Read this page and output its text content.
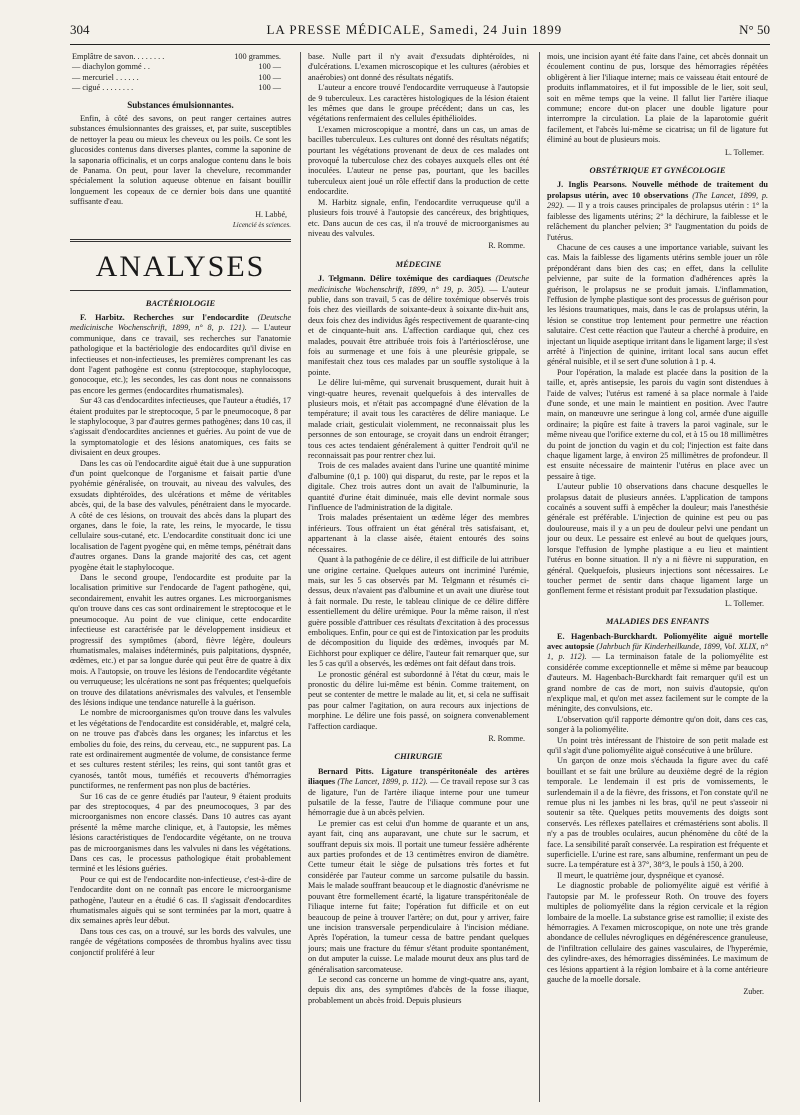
304	LA PRESSE MÉDICALE, Samedi, 24 Juin 1899	N° 50
Emplâtre de savon. . . . . . . .	100 grammes.
— diachylon gommé . .	100 —
— mercuriel . . . . . .	100 —
— cigué . . . . . . . .	100 —
Substances émulsionnantes.

Enfin, à côté des savons, on peut ranger certaines autres substances émulsionnantes des graisses, et, par suite, susceptibles de nettoyer la peau ou mieux les cheveux ou les poils. Ce sont les glucosides contenus dans diverses plantes, comme la saponine de la saponaria officinalis, et un corps analogue contenu dans le bois de Panama. On peut, pour laver la chevelure, recommander spécialement la solution aqueuse obtenue en faisant bouillir longuement les copeaux de ce dernier bois dans une quantité suffisante d'eau.

H. Labbé,
Licencié ès sciences.
ANALYSES
BACTÉRIOLOGIE

F. Harbitz. Recherches sur l'endocardite (Deutsche medicinische Wochenschrift, 1899, n° 8, p. 121). — L'auteur communique, dans ce travail, ses recherches sur l'anatomie pathologique et la bactériologie des endocardites qu'il divise en infectieuses et non-infectieuses, les premières comprenant les cas dont l'agent pathogène est connu (streptocoque, staphylocoque, gonocoque, etc.); les secondes, les cas dont nous ne connaissons pas encore les germes (endocardites rhumatismales).

Sur 43 cas d'endocardites infectieuses, que l'auteur a étudiés, 17 étaient produites par le streptocoque, 5 par le pneumocoque, 8 par le staphylocoque, 3 par d'autres germes pathogènes; dans 10 cas, il s'agissait d'endocardites anciennes et guéries. Au point de vue de la symptomatologie et des lésions anatomiques, ces faits se divisaient en deux groupes.

Dans les cas où l'endocardite aiguë était due à une suppuration d'un point quelconque de l'organisme et faisait partie d'une pyohémie généralisée, on trouvait, au niveau des valvules, des exsudats diphtéroïdes, des ulcérations et même de véritables abcès, qui, de la base des valvules, pénétraient dans le myocarde. A côté de ces lésions, on trouvait des abcès dans la plupart des organes, dans le foie, la rate, les reins, le myocarde, le tissu cellulaire sous-cutané, etc. L'endocardite constituait donc ici une localisation de l'agent pyogène qui, en même temps, pénétrait dans d'autres organes. Dans la grande majorité des cas, cet agent pyogène était le staphylocoque.

Dans le second groupe, l'endocardite est produite par la localisation primitive sur l'endocarde de l'agent pathogène, qui, secondairement, envahit les autres organes. Les microorganismes qu'on trouve dans ces cas sont ordinairement le streptocoque et le pneumocoque. Au point de vue clinique, cette endocardite infectieuse est caractérisée par le développement insidieux et progressif des symptômes (abord, fièvre légère, douleurs rhumatismales, malaises indéterminés, puis palpitations, dyspnée, œdèmes, etc.) et par sa longue durée qui peut être de quatre à dix mois. A l'autopsie, on trouve les lésions de l'endocardite végétante ou verruqueuse; les ulcérations ne sont pas fréquentes; quelquefois on trouve des dilatations anévrismales des valvules, et l'ensemble des lésions indique une tendance naturelle à la guérison.

Le nombre de microorganismes qu'on trouve dans les valvules et les végétations de l'endocardite est considérable, et, malgré cela, on ne trouve pas d'abcès dans les organes; les infarctus et les embolies du foie, des reins, du cerveau, etc., ne suppurent pas. La rate est ordinairement augmentée de volume, de consistance ferme et ses cultures restent stériles; les reins, qui sont tantôt gras et cyanosés, tantôt mous, tuméfiés et recouverts d'hémorragies punctiformes, ne renferment pas non plus de bactéries.

Sur 16 cas de ce genre étudiés par l'auteur, 9 étaient produits par des streptocoques, 4 par des pneumocoques, 3 par des microorganismes non encore classés. Dans 10 autres cas ayant présenté la même marche clinique, et, à l'autopsie, les mêmes lésions caractéristiques de l'endocardite végétante, on ne trouva pas de microorganismes dans les valvules ni dans les végétations. Dans ces cas, le processus pathologique était probablement terminé et les lésions guéries.

Pour ce qui est de l'endocardite non-infectieuse, c'est-à-dire de l'endocardite dont on ne connaît pas encore le microorganisme pathogène, l'auteur en a étudié 6 cas. Il s'agissait d'endocardites rhumatismales aiguës qui se sont terminées par la mort, quatre à dix semaines après leur début.

Dans tous ces cas, on a trouvé, sur les bords des valvules, une rangée de végétations composées de thrombus hyalins avec tissu conjonctif proliféré à leur

base. Nulle part il n'y avait d'exsudats diphtéroïdes, ni d'ulcérations. L'examen microscopique et les cultures (aérobies et anaérobies) ont donné des résultats négatifs.

L'auteur a encore trouvé l'endocardite verruqueuse à l'autopsie de 9 tuberculeux. Les caractères histologiques de la lésion étaient les mêmes que dans le groupe précédent; dans un cas, les végétations renfermaient des cellules épithélioïdes.

L'examen microscopique a montré, dans un cas, un amas de bacilles tuberculeux. Les cultures ont donné des résultats négatifs; pourtant les végétations provenant de deux de ces malades ont provoqué la tuberculose chez des cobayes auxquels elles ont été inoculées. L'auteur ne pense pas, pourtant, que les bacilles tuberculeux aient joué un rôle effectif dans la production de cette endocardite.

M. Harbitz signale, enfin, l'endocardite verruqueuse qu'il a plusieurs fois trouvé à l'autopsie des cancéreux, des brightiques, etc. Dans aucun de ces cas, il n'a trouvé de microorganismes au niveau des valvules.

R. Romme.
MÉDECINE

J. Telgmann. Délire toxémique des cardiaques (Deutsche medicinische Wochenschrift, 1899, n° 19, p. 305). — L'auteur publie, dans son travail, 5 cas de délire toxémique observés trois fois chez des vieillards de soixante-deux à soixante dix-huit ans, deux fois chez des individus âgés respectivement de quarante-cinq et de cinquante-huit ans. L'affection cardiaque qui, chez ces malades, pouvait être attribuée trois fois à l'artériosclérose, une fois au surmenage et une fois à une pleurésie grippale, se manifestait chez tous ces malades par un souffle systolique à la pointe.

Le délire lui-même, qui survenait brusquement, durait huit à vingt-quatre heures, revenait quelquefois à des intervalles de plusieurs mois, et n'était pas accompagné d'une élévation de la température; il avait tous les caractères de délire maniaque. Le malade criait, gesticulait violemment, ne reconnaissait plus les personnes de son entourage, se croyait dans un endroit étranger; tous ces actes tendaient généralement à quitter l'endroit qu'il ne reconnaissait pas pour rentrer chez lui.

Trois de ces malades avaient dans l'urine une quantité minime d'albumine (0,1 p. 100) qui disparut, du reste, par le repos et la digitale. Chez trois autres dont un avait de l'albuminurie, la quantité d'urine était diminuée, mais elle devint normale sous l'influence de l'administration de la digitale.

Trois malades présentaient un œdème léger des membres inférieurs. Tous offraient un état général très satisfaisant, et, appartenant à la classe aisée, étaient entourés des soins nécessaires.

Quant à la pathogénie de ce délire, il est difficile de lui attribuer une origine certaine. Quelques auteurs ont incriminé l'urémie, mais, sur les 5 cas observés par M. Telgmann et résumés ci-dessus, deux n'avaient pas d'albumine et un avait une diurèse tout à fait normale. Du reste, le tableau clinique de ce délire diffère essentiellement du délire urémique. Pour la même raison, il n'est guère possible d'attribuer ces résultats d'excitation à des processus emboliques. Enfin, pour ce qui est de l'intoxication par les produits de décomposition du liquide des œdèmes, invoqués par M. Eichhorst pour expliquer ce délire, l'auteur fait remarquer que, sur les 5 cas qu'il a observés, les œdèmes ont fait défaut dans trois.

Le pronostic général est subordonné à l'état du cœur, mais le pronostic du délire lui-même est bénin. Comme traitement, on peut se contenter de mettre le malade au lit, et, si cela ne suffisait pas pour calmer l'agitation, on aura recours aux injections de morphine. Le délire une fois passé, on soignera convenablement l'affection cardiaque.

R. Romme.
CHIRURGIE

Bernard Pitts. Ligature transpéritonéale des artères iliaques (The Lancet, 1899, p. 112). — Ce travail repose sur 3 cas de ligature, l'un de l'artère iliaque interne pour une tumeur pulsatile de la fesse, l'autre de l'iliaque commune pour une hémorragie due à un abcès pelvien.

Le premier cas est celui d'un homme de quarante et un ans, ayant fait, cinq ans auparavant, une chute sur le sacrum, et souffrant depuis six mois. Il portait une tumeur fessière adhérente aux parties profondes et de 13 centimètres environ de diamètre. Cette tumeur était le siège de pulsations très fortes et fut considérée par l'auteur comme un sarcome pulsatile du bassin. Mais le malade souffrant beaucoup et le diagnostic d'anévrisme ne pouvant être formellement écarté, la ligature transpéritonéale de l'iliaque interne fut faite; l'opération fut difficile et on eut beaucoup de peine à trouver l'artère; on dut, pour y arriver, faire une incision transversale perpendiculaire à l'incision médiane. Après l'opération, la tumeur cessa de battre pendant quelques jours; mais une fracture du fémur s'étant produite spontanément, on dut amputer la cuisse. Le malade mourut deux ans plus tard de généralisation sarcomateuse.

Le second cas concerne un homme de vingt-quatre ans, ayant, depuis dix ans, des symptômes d'abcès de la fosse iliaque, probablement un abcès froid. Depuis plusieurs

mois, une incision ayant été faite dans l'aine, cet abcès donnait un écoulement continu de pus, lorsque des hémorragies répétées obligèrent à lier l'iliaque interne; mais ce vaisseau était entouré de produits inflammatoires, et il fut impossible de le lier, soit seul, soit en même temps que la veine. Il fallut lier l'artère iliaque commune; encore dut-on placer une double ligature pour interrompre la circulation. La plaie de la laparotomie guérit facilement, et l'abcès lui-même se cicatrisa; un fil de ligature fut éliminé au bout de plusieurs mois.

L. Tollemer.
OBSTÉTRIQUE ET GYNÉCOLOGIE

J. Inglis Pearsons. Nouvelle méthode de traitement du prolapsus utérin, avec 10 observations (The Lancet, 1899, p. 292). — Il y a trois causes principales de prolapsus utérin : 1° la faiblesse des ligaments utérins; 2° la déchirure, la faiblesse et le relâchement du plancher pelvien; 3° l'augmentation du poids de l'utérus.

Chacune de ces causes a une importance variable, suivant les cas. Mais la faiblesse des ligaments utérins semble jouer un rôle prépondérant dans bien des cas; en effet, dans la cellulite pelvienne, par suite de la formation d'adhérences après la guérison, le prolapsus ne se produit jamais. L'inflammation, l'effusion de lymphe plastique sont des processus de guérison pour les lésions traumatiques, mais, dans le cas de prolapsus utérin, la lésion se constitue trop lentement pour permettre une réaction salutaire. C'est cette réaction que l'auteur a cherché à produire, en injectant un liquide aseptique irritant dans le ligament large; il s'est arrêté à l'injection de quinine, irritant local sans aucun effet général nuisible, et il se sert d'une solution à 1 p. 4.

Pour l'opération, la malade est placée dans la position de la taille, et, après antisepsie, les parois du vagin sont distendues à l'aide de valves; l'utérus est ramené à sa place normale à l'aide d'une sonde, et une main le maintient en position. Avec l'autre main, on manœuvre une seringue à long col, armée d'une aiguille ordinaire; la piqûre est faite à travers la paroi vaginale, sur le même niveau que l'orifice externe du col, et à 15 ou 18 millimètres du point de jonction du vagin et du col; l'injection est faite dans chaque ligament large, à environ 25 millimètres de profondeur. Il est ensuite nécessaire de maintenir l'utérus en place avec un pessaire à tige.

L'auteur publie 10 observations dans chacune desquelles le prolapsus datait de plusieurs années. L'application de tampons cocaïnés a souvent suffi à empêcher la douleur; mais l'anesthésie générale est préférable. L'injection de quinine est peu ou pas douloureuse, mais il y a un peu de douleur pelvi une pendant un jour ou deux. Le pessaire est enlevé au bout de quelques jours, lorsque l'effusion de lymphe plastique a eu lieu et maintient l'utérus en bonne situation. Il n'y a ni fièvre ni suppuration, en général. Quelquefois, plusieurs injections sont nécessaires. Le toucher permet de sentir dans chaque ligament large un gonflement ferme et résistant produit par l'exsudation plastique.

L. Tollemer.
MALADIES DES ENFANTS

E. Hagenbach-Burckhardt. Poliomyélite aiguë mortelle avec autopsie (Jahrbuch für Kinderheilkunde, 1899, Vol. XLIX, n° 1, p. 112). — La terminaison fatale de la poliomyélite est considérée comme exceptionnelle et même si même par beaucoup d'auteurs. M. Hagenbach-Burckhardt fait remarquer qu'il est un grand nombre de cas de mort, non suivis d'autopsie, qu'on n'explique mal, et qu'on met assez facilement sur le compte de la méningite, des convulsions, etc.

L'observation qu'il rapporte démontre qu'on doit, dans ces cas, songer à la poliomyélite.

Un point très intéressant de l'histoire de son petit malade est qu'il s'agit d'une poliomyélite aiguë consécutive à une brûlure.

Un garçon de onze mois s'échauda la figure avec du café bouillant et se fait une brûlure au deuxième degré de la région temporale. Le lendemain il est pris de vomissements, le surlendemain il a de la fièvre, des frissons, et l'on constate qu'il ne remue plus ni les jambes ni les bras, qu'il ne peut s'asseoir ni soutenir sa tête. Quelques petits mouvements des doigts sont conservés. Les réflexes patellaires et crémastériens sont abolis. Il n'y a pas de troubles oculaires, aucun phénomène du côté de la face. La sensibilité paraît conservée. La respiration est fréquente et superficielle. L'urine est rare, sans albumine, renfermant un peu de sucre. La température est à 37°, 38°3, le pouls à 150, à 200.

Il meurt, le quatrième jour, dyspnéique et cyanosé.

Le diagnostic probable de poliomyélite aiguë est vérifié à l'autopsie par M. le professeur Roth. On trouve des foyers multiples de poliomyélite dans la région cervicale et la région lombaire de la moelle. La substance grise est ramollie; il existe des hémorragies. A l'examen microscopique, on note une très grande abondance de cellules névrogliques en dégénérescence granuleuse, de l'infiltration cellulaire des gaines vasculaires, de l'hyperémie, des cylindre-axes, des hémorragies disséminées. Le maximum de ces lésions appartient à la région lombaire et à la corne antérieure gauche de la moelle dorsale.

Zuber.
